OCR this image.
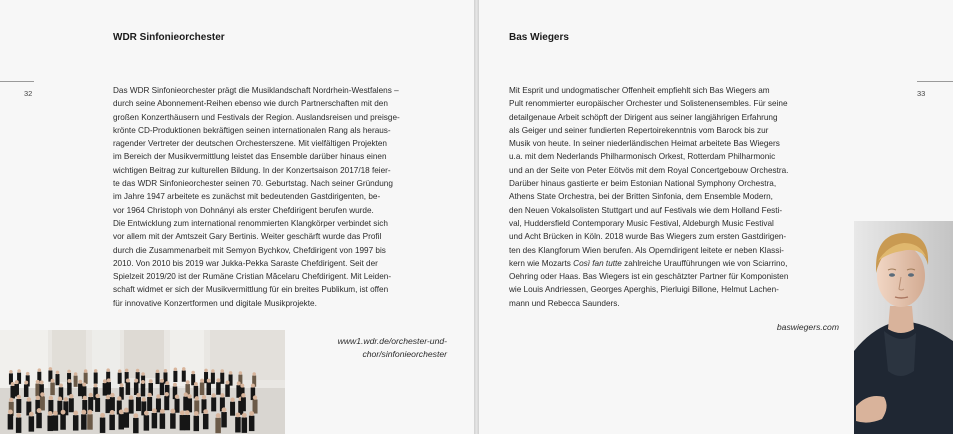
WDR Sinfonieorchester
32	Das WDR Sinfonieorchester prägt die Musiklandschaft Nordrhein-Westfalens –
durch seine Abonnement-Reihen ebenso wie durch Partnerschaften mit den
großen Konzerthäusern und Festivals der Region. Auslandsreisen und preisge-
krönte CD-Produktionen bekräftigen seinen internationalen Rang als heraus-
ragender Vertreter der deutschen Orchesterszene. Mit vielfältigen Projekten
im Bereich der Musikvermittlung leistet das Ensemble darüber hinaus einen
wichtigen Beitrag zur kulturellen Bildung. In der Konzertsaison 2017/18 feier-
te das WDR Sinfonieorchester seinen 70. Geburtstag. Nach seiner Gründung
im Jahre 1947 arbeitete es zunächst mit bedeutenden Gastdirigenten, be-
vor 1964 Christoph von Dohnányi als erster Chefdirigent berufen wurde.
Die Entwicklung zum international renommierten Klangkörper verbindet sich
vor allem mit der Amtszeit Gary Bertinis. Weiter geschärft wurde das Profil
durch die Zusammenarbeit mit Semyon Bychkov, Chefdirigent von 1997 bis
2010. Von 2010 bis 2019 war Jukka-Pekka Saraste Chefdirigent. Seit der
Spielzeit 2019/20 ist der Rumäne Cristian Măcelaru Chefdirigent. Mit Leiden-
schaft widmet er sich der Musikvermittlung für ein breites Publikum, ist offen
für innovative Konzertformen und digitale Musikprojekte.
www1.wdr.de/orchester-und-
chor/sinfonieorchester
Bas Wiegers
33
Mit Esprit und undogmatischer Offenheit empfiehlt sich Bas Wiegers am
Pult renommierter europäischer Orchester und Solistenensembles. Für seine
detailgenaue Arbeit schöpft der Dirigent aus seiner langjährigen Erfahrung
als Geiger und seiner fundierten Repertoirekenntnis vom Barock bis zur
Musik von heute. In seiner niederländischen Heimat arbeitete Bas Wiegers
u.a. mit dem Nederlands Philharmonisch Orkest, Rotterdam Philharmonic
und an der Seite von Peter Eötvös mit dem Royal Concertgebouw Orchestra.
Darüber hinaus gastierte er beim Estonian National Symphony Orchestra,
Athens State Orchestra, bei der Britten Sinfonia, dem Ensemble Modern,
den Neuen Vokalsolisten Stuttgart und auf Festivals wie dem Holland Festi-
val, Huddersfield Contemporary Music Festival, Aldeburgh Music Festival
und Acht Brücken in Köln. 2018 wurde Bas Wiegers zum ersten Gastdirigen-
ten des Klangforum Wien berufen. Als Operndirigent leitete er neben Klassi-
kern wie Mozarts Così fan tutte zahlreiche Uraufführungen wie von Sciarrino,
Oehring oder Haas. Bas Wiegers ist ein geschätzter Partner für Komponisten
wie Louis Andriessen, Georges Aperghis, Pierluigi Billone, Helmut Lachen-
mann und Rebecca Saunders.
baswiegers.com
